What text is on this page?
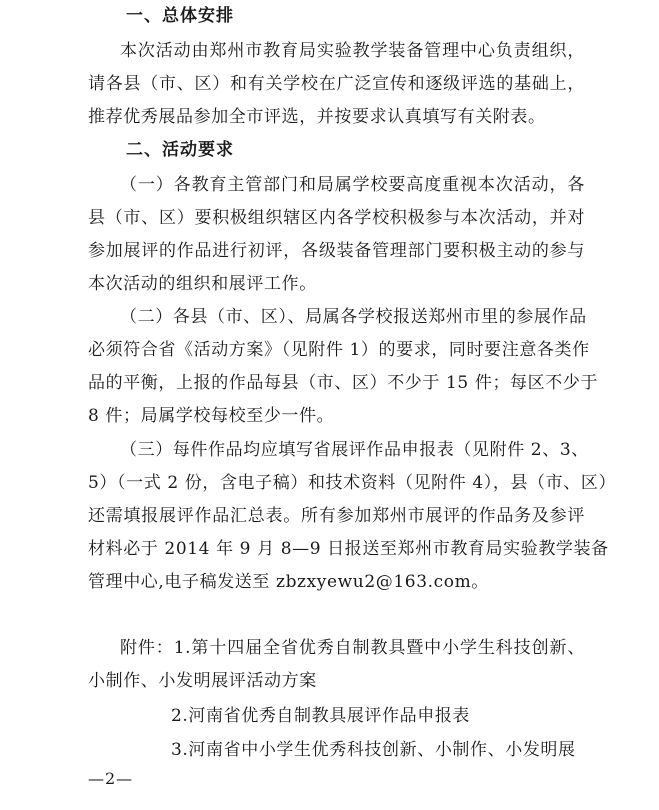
一、总体安排
本次活动由郑州市教育局实验教学装备管理中心负责组织，
请各县（市、区）和有关学校在广泛宣传和逐级评选的基础上，
推荐优秀展品参加全市评选，并按要求认真填写有关附表。
二、活动要求
（一）各教育主管部门和局属学校要高度重视本次活动，各
县（市、区）要积极组织辖区内各学校积极参与本次活动，并对
参加展评的作品进行初评，各级装备管理部门要积极主动的参与
本次活动的组织和展评工作。
（二）各县（市、区）、局属各学校报送郑州市里的参展作品
必须符合省《活动方案》（见附件 1）的要求，同时要注意各类作
品的平衡，上报的作品每县（市、区）不少于 15 件；每区不少于
8 件；局属学校每校至少一件。
（三）每件作品均应填写省展评作品申报表（见附件 2、3、
5）（一式 2 份，含电子稿）和技术资料（见附件 4），县（市、区）
还需填报展评作品汇总表。所有参加郑州市展评的作品务及参评
材料必于 2014 年 9 月 8—9 日报送至郑州市教育局实验教学装备
管理中心,电子稿发送至 zbzxyewu2@163.com。
附件：1.第十四届全省优秀自制教具暨中小学生科技创新、
小制作、小发明展评活动方案
2.河南省优秀自制教具展评作品申报表
3.河南省中小学生优秀科技创新、小制作、小发明展
—2—
